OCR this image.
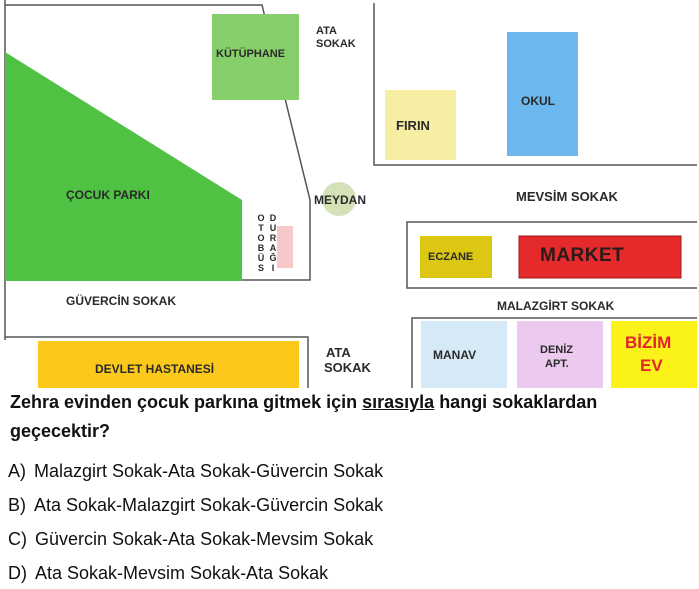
KÜTÜPHANE
FIRIN
OKUL
ÇOCUK PARKI	MEYDAN
OTOBÜS
DURAĞI
ECZANE	MARKET
DEVLET HASTANESİ
MANAV	DENİZ
APT.
BİZİM
EV
ATA
SOKAK
MEVSİM SOKAK
GÜVERCİN SOKAK	MALAZGİRT SOKAK
ATA
SOKAK
Zehra evinden çocuk parkına gitmek için sırasıyla hangi sokaklardan geçecektir?
A) Malazgirt Sokak-Ata Sokak-Güvercin Sokak
B) Ata Sokak-Malazgirt Sokak-Güvercin Sokak
C) Güvercin Sokak-Ata Sokak-Mevsim Sokak
D) Ata Sokak-Mevsim Sokak-Ata Sokak
